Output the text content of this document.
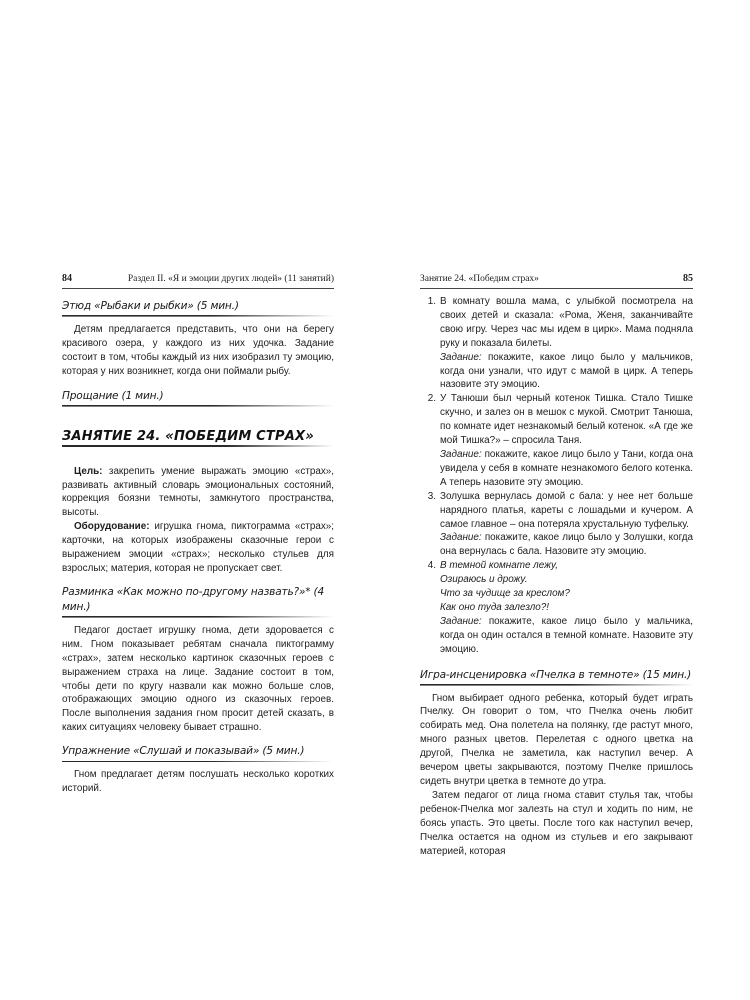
84	Раздел II. «Я и эмоции других людей» (11 занятий)
Этюд «Рыбаки и рыбки» (5 мин.)

Детям предлагается представить, что они на берегу красивого озера, у каждого из них удочка. Задание состоит в том, чтобы каждый из них изобразил ту эмоцию, которая у них возникнет, когда они поймали рыбу.

Прощание (1 мин.)
ЗАНЯТИЕ 24. «ПОБЕДИМ СТРАХ»

Цель: закрепить умение выражать эмоцию «страх», развивать активный словарь эмоциональных состояний, коррекция боязни темноты, замкнутого пространства, высоты.

Оборудование: игрушка гнома, пиктограмма «страх»; карточки, на которых изображены сказочные герои с выражением эмоции «страх»; несколько стульев для взрослых; материя, которая не пропускает свет.

Разминка «Как можно по-другому назвать?»* (4 мин.)

Педагог достает игрушку гнома, дети здоровается с ним. Гном показывает ребятам сначала пиктограмму «страх», затем несколько картинок сказочных героев с выражением страха на лице. Задание состоит в том, чтобы дети по кругу назвали как можно больше слов, отображающих эмоцию одного из сказочных героев. После выполнения задания гном просит детей сказать, в каких ситуациях человеку бывает страшно.

Упражнение «Слушай и показывай» (5 мин.)

Гном предлагает детям послушать несколько коротких историй.

Занятие 24. «Победим страх»	85
1. В комнату вошла мама, с улыбкой посмотрела на своих детей и сказала: «Рома, Женя, заканчивайте свою игру. Через час мы идем в цирк». Мама подняла руку и показала билеты.
Задание: покажите, какое лицо было у мальчиков, когда они узнали, что идут с мамой в цирк. А теперь назовите эту эмоцию.
2. У Танюши был черный котенок Тишка. Стало Тишке скучно, и залез он в мешок с мукой. Смотрит Танюша, по комнате идет незнакомый белый котенок. «А где же мой Тишка?» – спросила Таня.
Задание: покажите, какое лицо было у Тани, когда она увидела у себя в комнате незнакомого белого котенка. А теперь назовите эту эмоцию.
3. Золушка вернулась домой с бала: у нее нет больше нарядного платья, кареты с лошадьми и кучером. А самое главное – она потеряла хрустальную туфельку.
Задание: покажите, какое лицо было у Золушки, когда она вернулась с бала. Назовите эту эмоцию.
4. В темной комнате лежу,
Озираюсь и дрожу.
Что за чудище за креслом?
Как оно туда залезло?!
Задание: покажите, какое лицо было у мальчика, когда он один остался в темной комнате. Назовите эту эмоцию.
Игра-инсценировка «Пчелка в темноте» (15 мин.)

Гном выбирает одного ребенка, который будет играть Пчелку. Он говорит о том, что Пчелка очень любит собирать мед. Она полетела на полянку, где растут много, много разных цветов. Перелетая с одного цветка на другой, Пчелка не заметила, как наступил вечер. А вечером цветы закрываются, поэтому Пчелке пришлось сидеть внутри цветка в темноте до утра.

Затем педагог от лица гнома ставит стулья так, чтобы ребенок-Пчелка мог залезть на стул и ходить по ним, не боясь упасть. Это цветы. После того как наступил вечер, Пчелка остается на одном из стульев и его закрывают материей, которая
